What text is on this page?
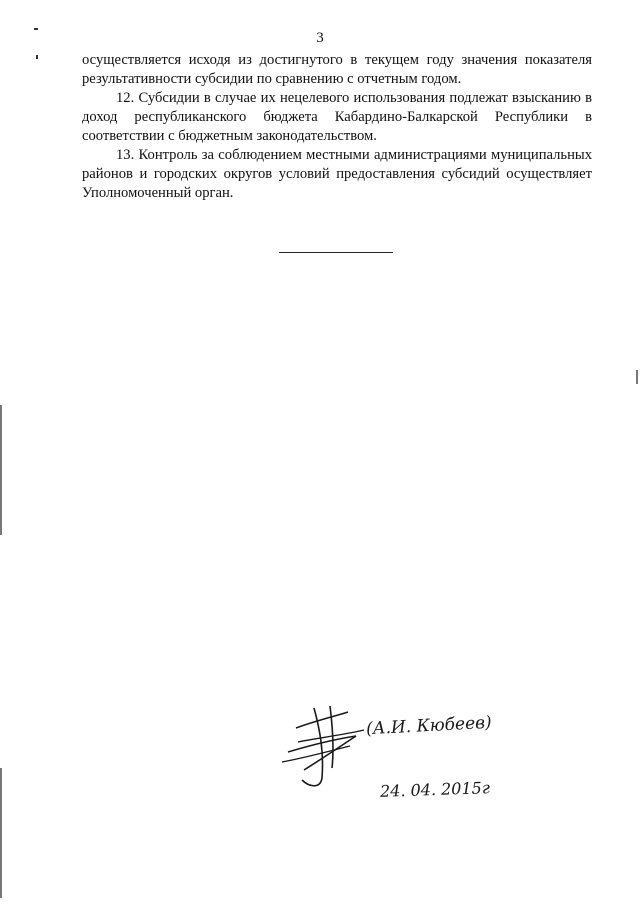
3

осуществляется исходя из достигнутого в текущем году значения показателя результативности субсидии по сравнению с отчетным годом.

12. Субсидии в случае их нецелевого использования подлежат взысканию в доход республиканского бюджета Кабардино-Балкарской Республики в соответствии с бюджетным законодательством.

13. Контроль за соблюдением местными администрациями муниципальных районов и городских округов условий предоставления субсидий осуществляет Уполномоченный орган.

(А.И. Кюбеев)
24. 04. 2015г
